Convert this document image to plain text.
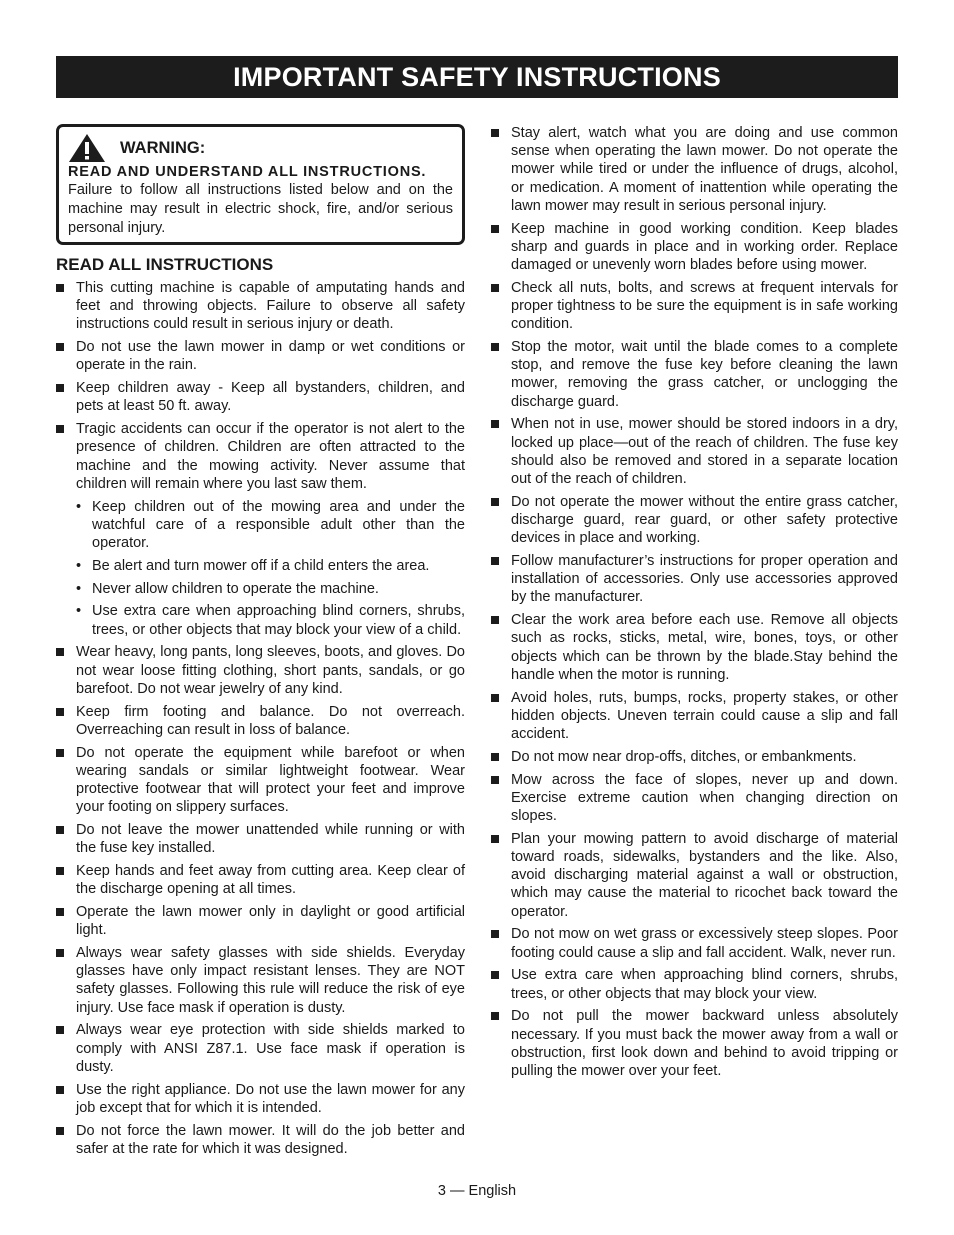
IMPORTANT SAFETY INSTRUCTIONS
WARNING:
READ AND UNDERSTAND ALL INSTRUCTIONS.
Failure to follow all instructions listed below and on the machine may result in electric shock, fire, and/or serious personal injury.
READ ALL INSTRUCTIONS
This cutting machine is capable of amputating hands and feet and throwing objects. Failure to observe all safety instructions could result in serious injury or death.
Do not use the lawn mower in damp or wet conditions or operate in the rain.
Keep children away - Keep all bystanders, children, and pets at least 50 ft. away.
Tragic accidents can occur if the operator is not alert to the presence of children. Children are often attracted to the machine and the mowing activity. Never assume that children will remain where you last saw them.
• Keep children out of the mowing area and under the watchful care of a responsible adult other than the operator.
• Be alert and turn mower off if a child enters the area.
• Never allow children to operate the machine.
• Use extra care when approaching blind corners, shrubs, trees, or other objects that may block your view of a child.
Wear heavy, long pants, long sleeves, boots, and gloves. Do not wear loose fitting clothing, short pants, sandals, or go barefoot. Do not wear jewelry of any kind.
Keep firm footing and balance. Do not overreach. Overreaching can result in loss of balance.
Do not operate the equipment while barefoot or when wearing sandals or similar lightweight footwear. Wear protective footwear that will protect your feet and improve your footing on slippery surfaces.
Do not leave the mower unattended while running or with the fuse key installed.
Keep hands and feet away from cutting area. Keep clear of the discharge opening at all times.
Operate the lawn mower only in daylight or good artificial light.
Always wear safety glasses with side shields. Everyday glasses have only impact resistant lenses. They are NOT safety glasses. Following this rule will reduce the risk of eye injury. Use face mask if operation is dusty.
Always wear eye protection with side shields marked to comply with ANSI Z87.1. Use face mask if operation is dusty.
Use the right appliance. Do not use the lawn mower for any job except that for which it is intended.
Do not force the lawn mower. It will do the job better and safer at the rate for which it was designed.
Stay alert, watch what you are doing and use common sense when operating the lawn mower. Do not operate the mower while tired or under the influence of drugs, alcohol, or medication. A moment of inattention while operating the lawn mower may result in serious personal injury.
Keep machine in good working condition. Keep blades sharp and guards in place and in working order. Replace damaged or unevenly worn blades before using mower.
Check all nuts, bolts, and screws at frequent intervals for proper tightness to be sure the equipment is in safe working condition.
Stop the motor, wait until the blade comes to a complete stop, and remove the fuse key before cleaning the lawn mower, removing the grass catcher, or unclogging the discharge guard.
When not in use, mower should be stored indoors in a dry, locked up place—out of the reach of children. The fuse key should also be removed and stored in a separate location out of the reach of children.
Do not operate the mower without the entire grass catcher, discharge guard, rear guard, or other safety protective devices in place and working.
Follow manufacturer’s instructions for proper operation and installation of accessories. Only use accessories approved by the manufacturer.
Clear the work area before each use. Remove all objects such as rocks, sticks, metal, wire, bones, toys, or other objects which can be thrown by the blade.Stay behind the handle when the motor is running.
Avoid holes, ruts, bumps, rocks, property stakes, or other hidden objects. Uneven terrain could cause a slip and fall accident.
Do not mow near drop-offs, ditches, or embankments.
Mow across the face of slopes, never up and down. Exercise extreme caution when changing direction on slopes.
Plan your mowing pattern to avoid discharge of material toward roads, sidewalks, bystanders and the like. Also, avoid discharging material against a wall or obstruction, which may cause the material to ricochet back toward the operator.
Do not mow on wet grass or excessively steep slopes. Poor footing could cause a slip and fall accident. Walk, never run.
Use extra care when approaching blind corners, shrubs, trees, or other objects that may block your view.
Do not pull the mower backward unless absolutely necessary. If you must back the mower away from a wall or obstruction, first look down and behind to avoid tripping or pulling the mower over your feet.
3 — English
